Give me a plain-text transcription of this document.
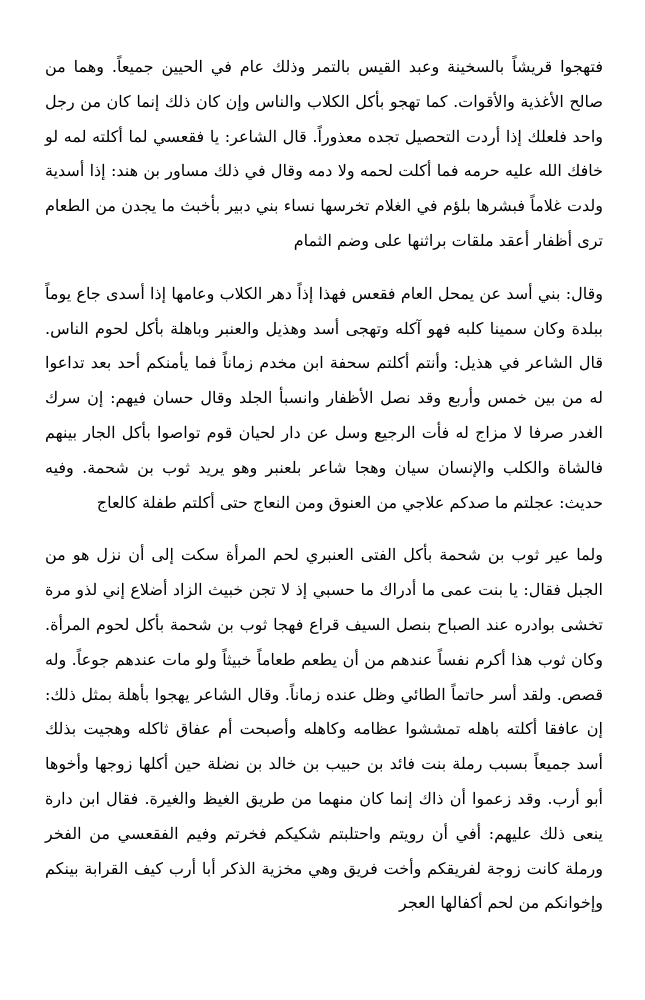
فتهجوا قريشاً بالسخينة وعبد القيس بالتمر وذلك عام في الحيين جميعاً. وهما من صالح الأغذية والأقوات. كما تهجو بأكل الكلاب والناس وإن كان ذلك إنما كان من رجل واحد فلعلك إذا أردت التحصيل تجده معذوراً. قال الشاعر: يا فقعسي لما أكلته لمه لو خافك الله عليه حرمه فما أكلت لحمه ولا دمه وقال في ذلك مساور بن هند: إذا أسدية ولدت غلاماً فبشرها بلؤم في الغلام تخرسها نساء بني دبير بأخبث ما يجدن من الطعام ترى أظفار أعقد ملقات براثنها على وضم الثمام

وقال: بني أسد عن يمحل العام فقعس فهذا إذاً دهر الكلاب وعامها إذا أسدى جاع يوماً ببلدة وكان سمينا كلبه فهو آكله وتهجى أسد وهذيل والعنبر وباهلة بأكل لحوم الناس. قال الشاعر في هذيل: وأنتم أكلتم سحفة ابن مخدم زماناً فما يأمنكم أحد بعد تداعوا له من بين خمس وأربع وقد نصل الأظفار وانسبأ الجلد وقال حسان فيهم: إن سرك الغدر صرفا لا مزاج له فأت الرجيع وسل عن دار لحيان قوم تواصوا بأكل الجار بينهم فالشاة والكلب والإنسان سيان وهجا شاعر بلعنبر وهو يريد ثوب بن شحمة. وفيه حديث: عجلتم ما صدكم علاجي من العنوق ومن النعاج حتى أكلتم طفلة كالعاج

ولما عير ثوب بن شحمة بأكل الفتى العنبري لحم المرأة سكت إلى أن نزل هو من الجبل فقال: يا بنت عمى ما أدراك ما حسبي إذ لا تجن خبيث الزاد أضلاع إني لذو مرة تخشى بوادره عند الصباح بنصل السيف قراع فهجا ثوب بن شحمة بأكل لحوم المرأة. وكان ثوب هذا أكرم نفساً عندهم من أن يطعم طعاماً خبيثاً ولو مات عندهم جوعاً. وله قصص. ولقد أسر حاتماً الطائي وظل عنده زماناً. وقال الشاعر يهجوا بأهلة بمثل ذلك: إن عافقا أكلته باهله تمششوا عظامه وكاهله وأصبحت أم عفاق ثاكله وهجيت بذلك أسد جميعاً بسبب رملة بنت فائد بن حبيب بن خالد بن نضلة حين أكلها زوجها وأخوها أبو أرب. وقد زعموا أن ذاك إنما كان منهما من طريق الغيظ والغيرة. فقال ابن دارة ينعى ذلك عليهم: أفي أن رويتم واحتلبتم شكيكم فخرتم وفيم الفقعسي من الفخر ورملة كانت زوجة لفريقكم وأخت فريق وهي مخزية الذكر أبا أرب كيف القرابة بينكم وإخوانكم من لحم أكفالها العجر
